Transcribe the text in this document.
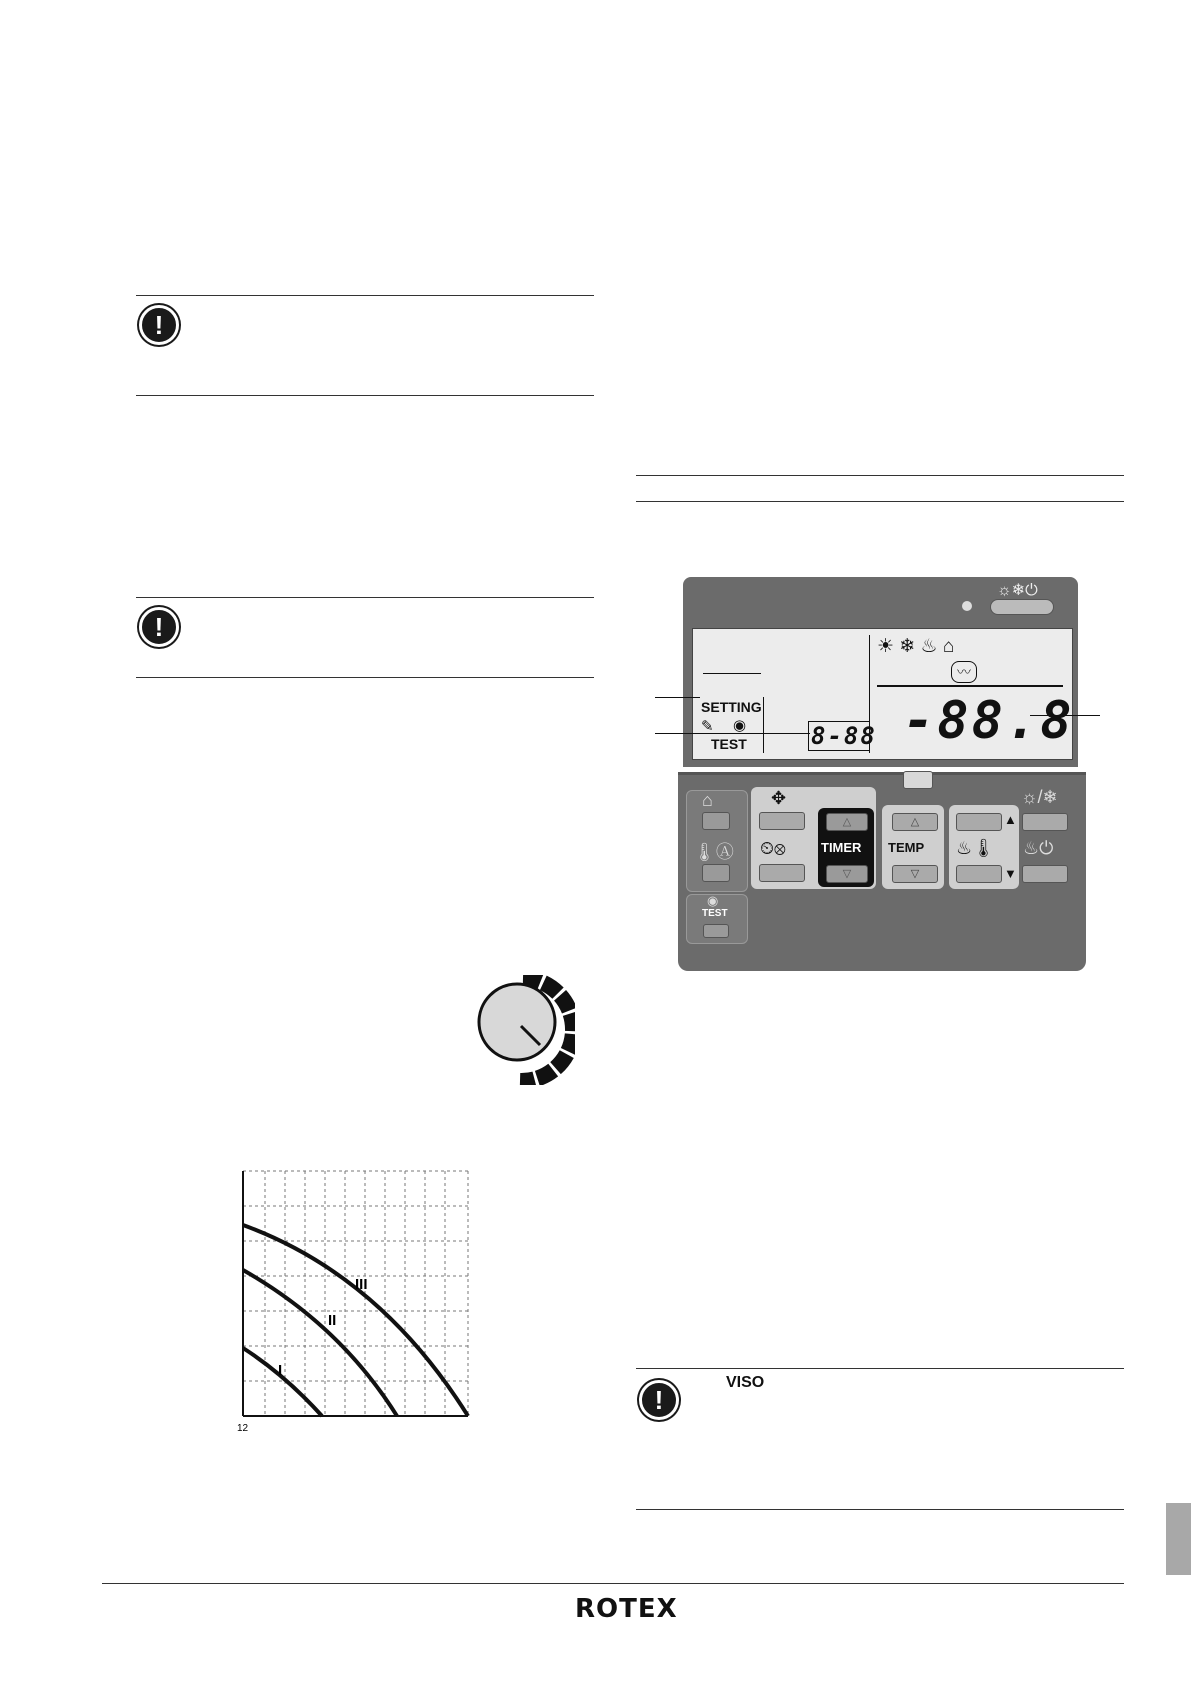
!
!
III
II
I
12
☼❄⏻
SETTING
✎ ◉
TEST	8-88
☀ ❄ ♨ ⌂
〰
-88.8
⌂
🌡Ⓐ
◉
TEST
✥
⏲⊗
△
TIMER
▽
△
TEMP
▽
▲
♨🌡
▼
☼/❄
♨⏻
!
VISO
ROTEX
